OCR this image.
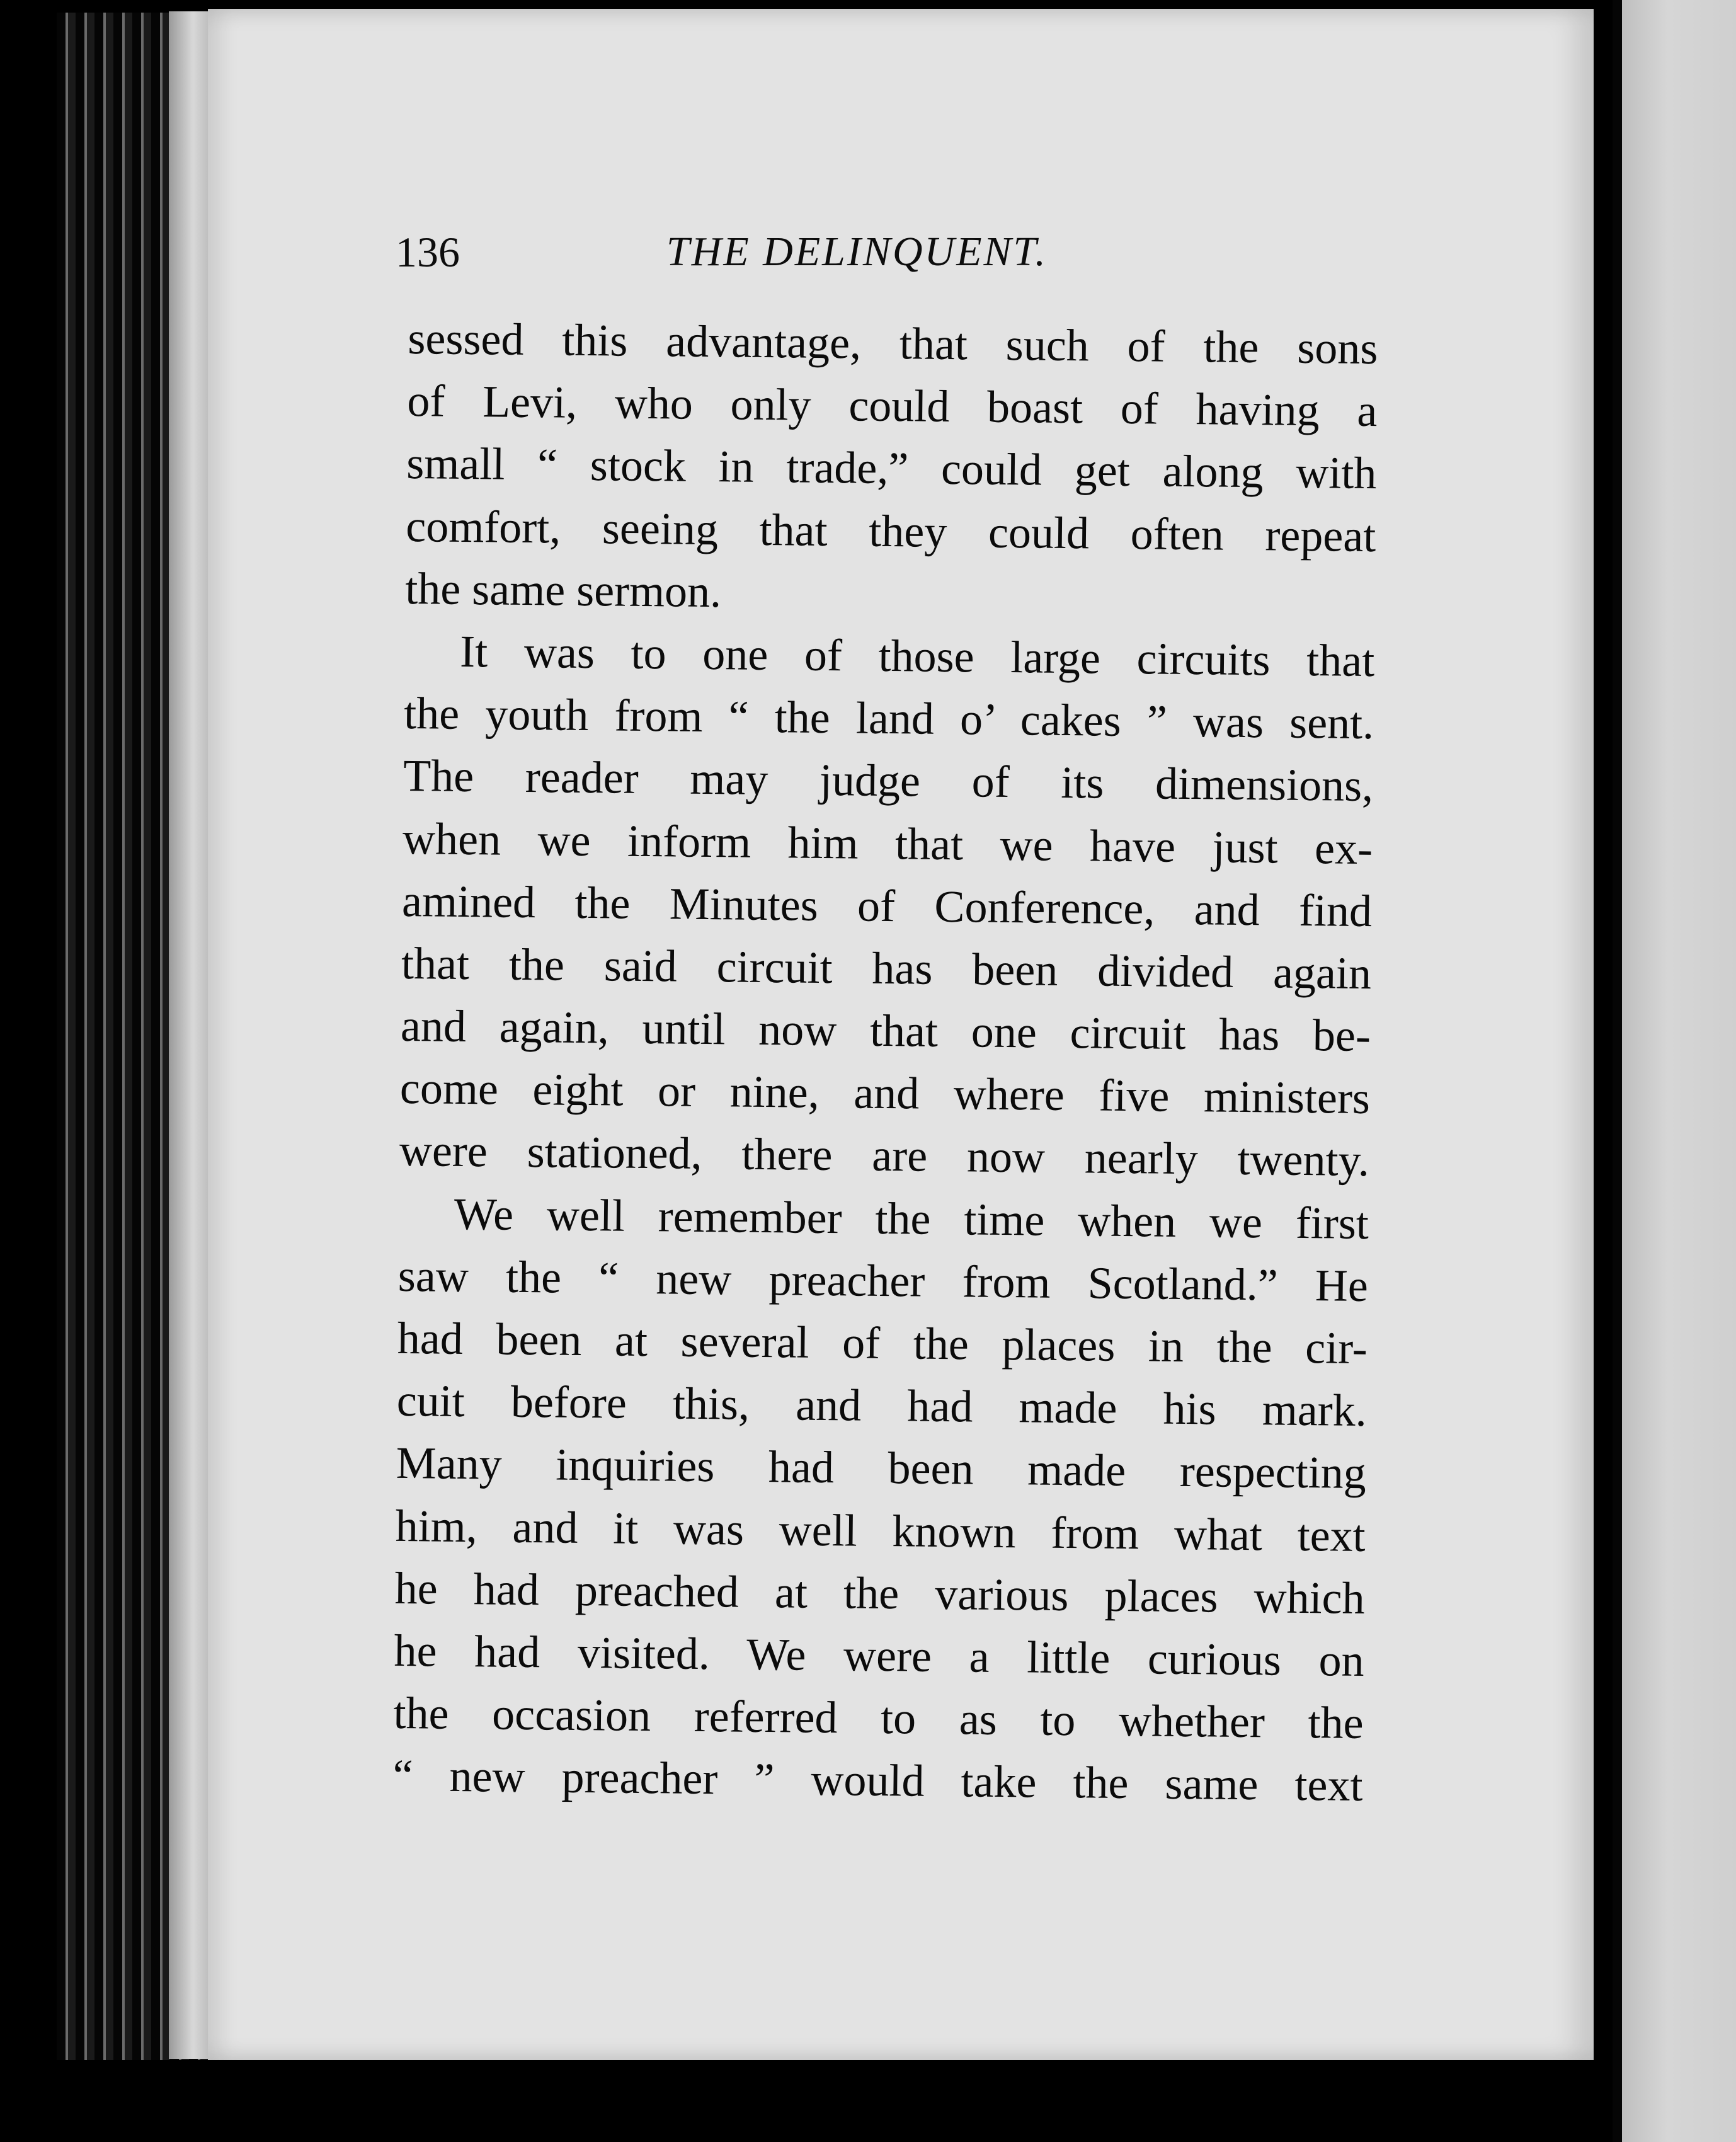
136	THE DELINQUENT.
sessed this advantage, that such of the sons
of Levi, who only could boast of having a
small “ stock in trade,” could get along with
comfort, seeing that they could often repeat
the same sermon.
It was to one of those large circuits that
the youth from “ the land o’ cakes ” was sent.
The reader may judge of its dimensions,
when we inform him that we have just ex-
amined the Minutes of Conference, and find
that the said circuit has been divided again
and again, until now that one circuit has be-
come eight or nine, and where five ministers
were stationed, there are now nearly twenty.
We well remember the time when we first
saw the “ new preacher from Scotland.” He
had been at several of the places in the cir-
cuit before this, and had made his mark.
Many inquiries had been made respecting
him, and it was well known from what text
he had preached at the various places which
he had visited. We were a little curious on
the occasion referred to as to whether the
“ new preacher ” would take the same text
